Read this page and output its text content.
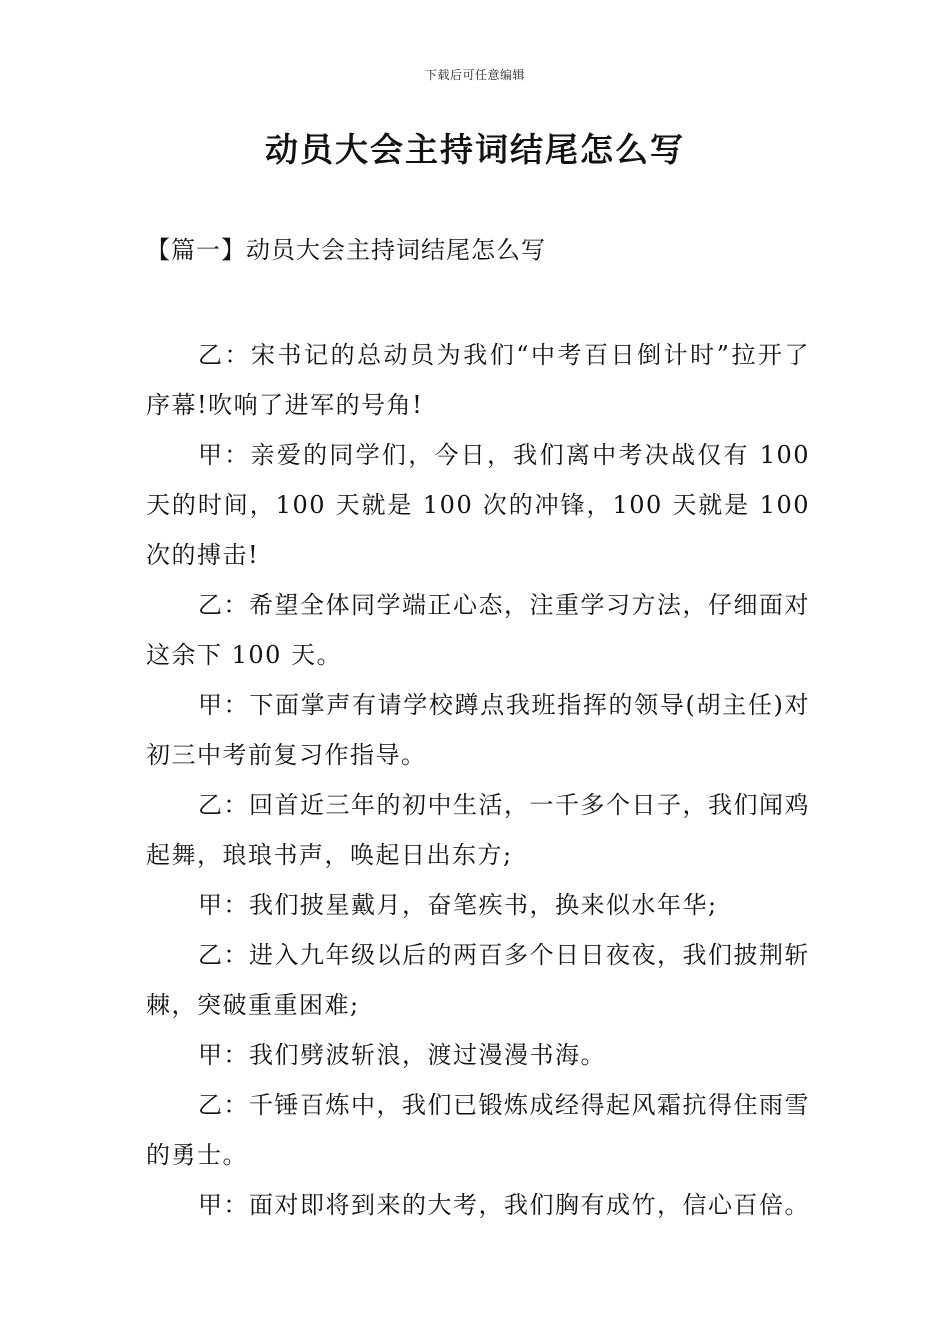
下载后可任意编辑
动员大会主持词结尾怎么写
【篇一】动员大会主持词结尾怎么写

乙：宋书记的总动员为我们“中考百日倒计时”拉开了序幕!吹响了进军的号角!

甲：亲爱的同学们，今日，我们离中考决战仅有 100 天的时间，100 天就是 100 次的冲锋，100 天就是 100 次的搏击!

乙：希望全体同学端正心态，注重学习方法，仔细面对这余下 100 天。

甲：下面掌声有请学校蹲点我班指挥的领导(胡主任)对初三中考前复习作指导。

乙：回首近三年的初中生活，一千多个日子，我们闻鸡起舞，琅琅书声，唤起日出东方;

甲：我们披星戴月，奋笔疾书，换来似水年华;

乙：进入九年级以后的两百多个日日夜夜，我们披荆斩棘，突破重重困难;

甲：我们劈波斩浪，渡过漫漫书海。

乙：千锤百炼中，我们已锻炼成经得起风霜抗得住雨雪的勇士。

甲：面对即将到来的大考，我们胸有成竹，信心百倍。
